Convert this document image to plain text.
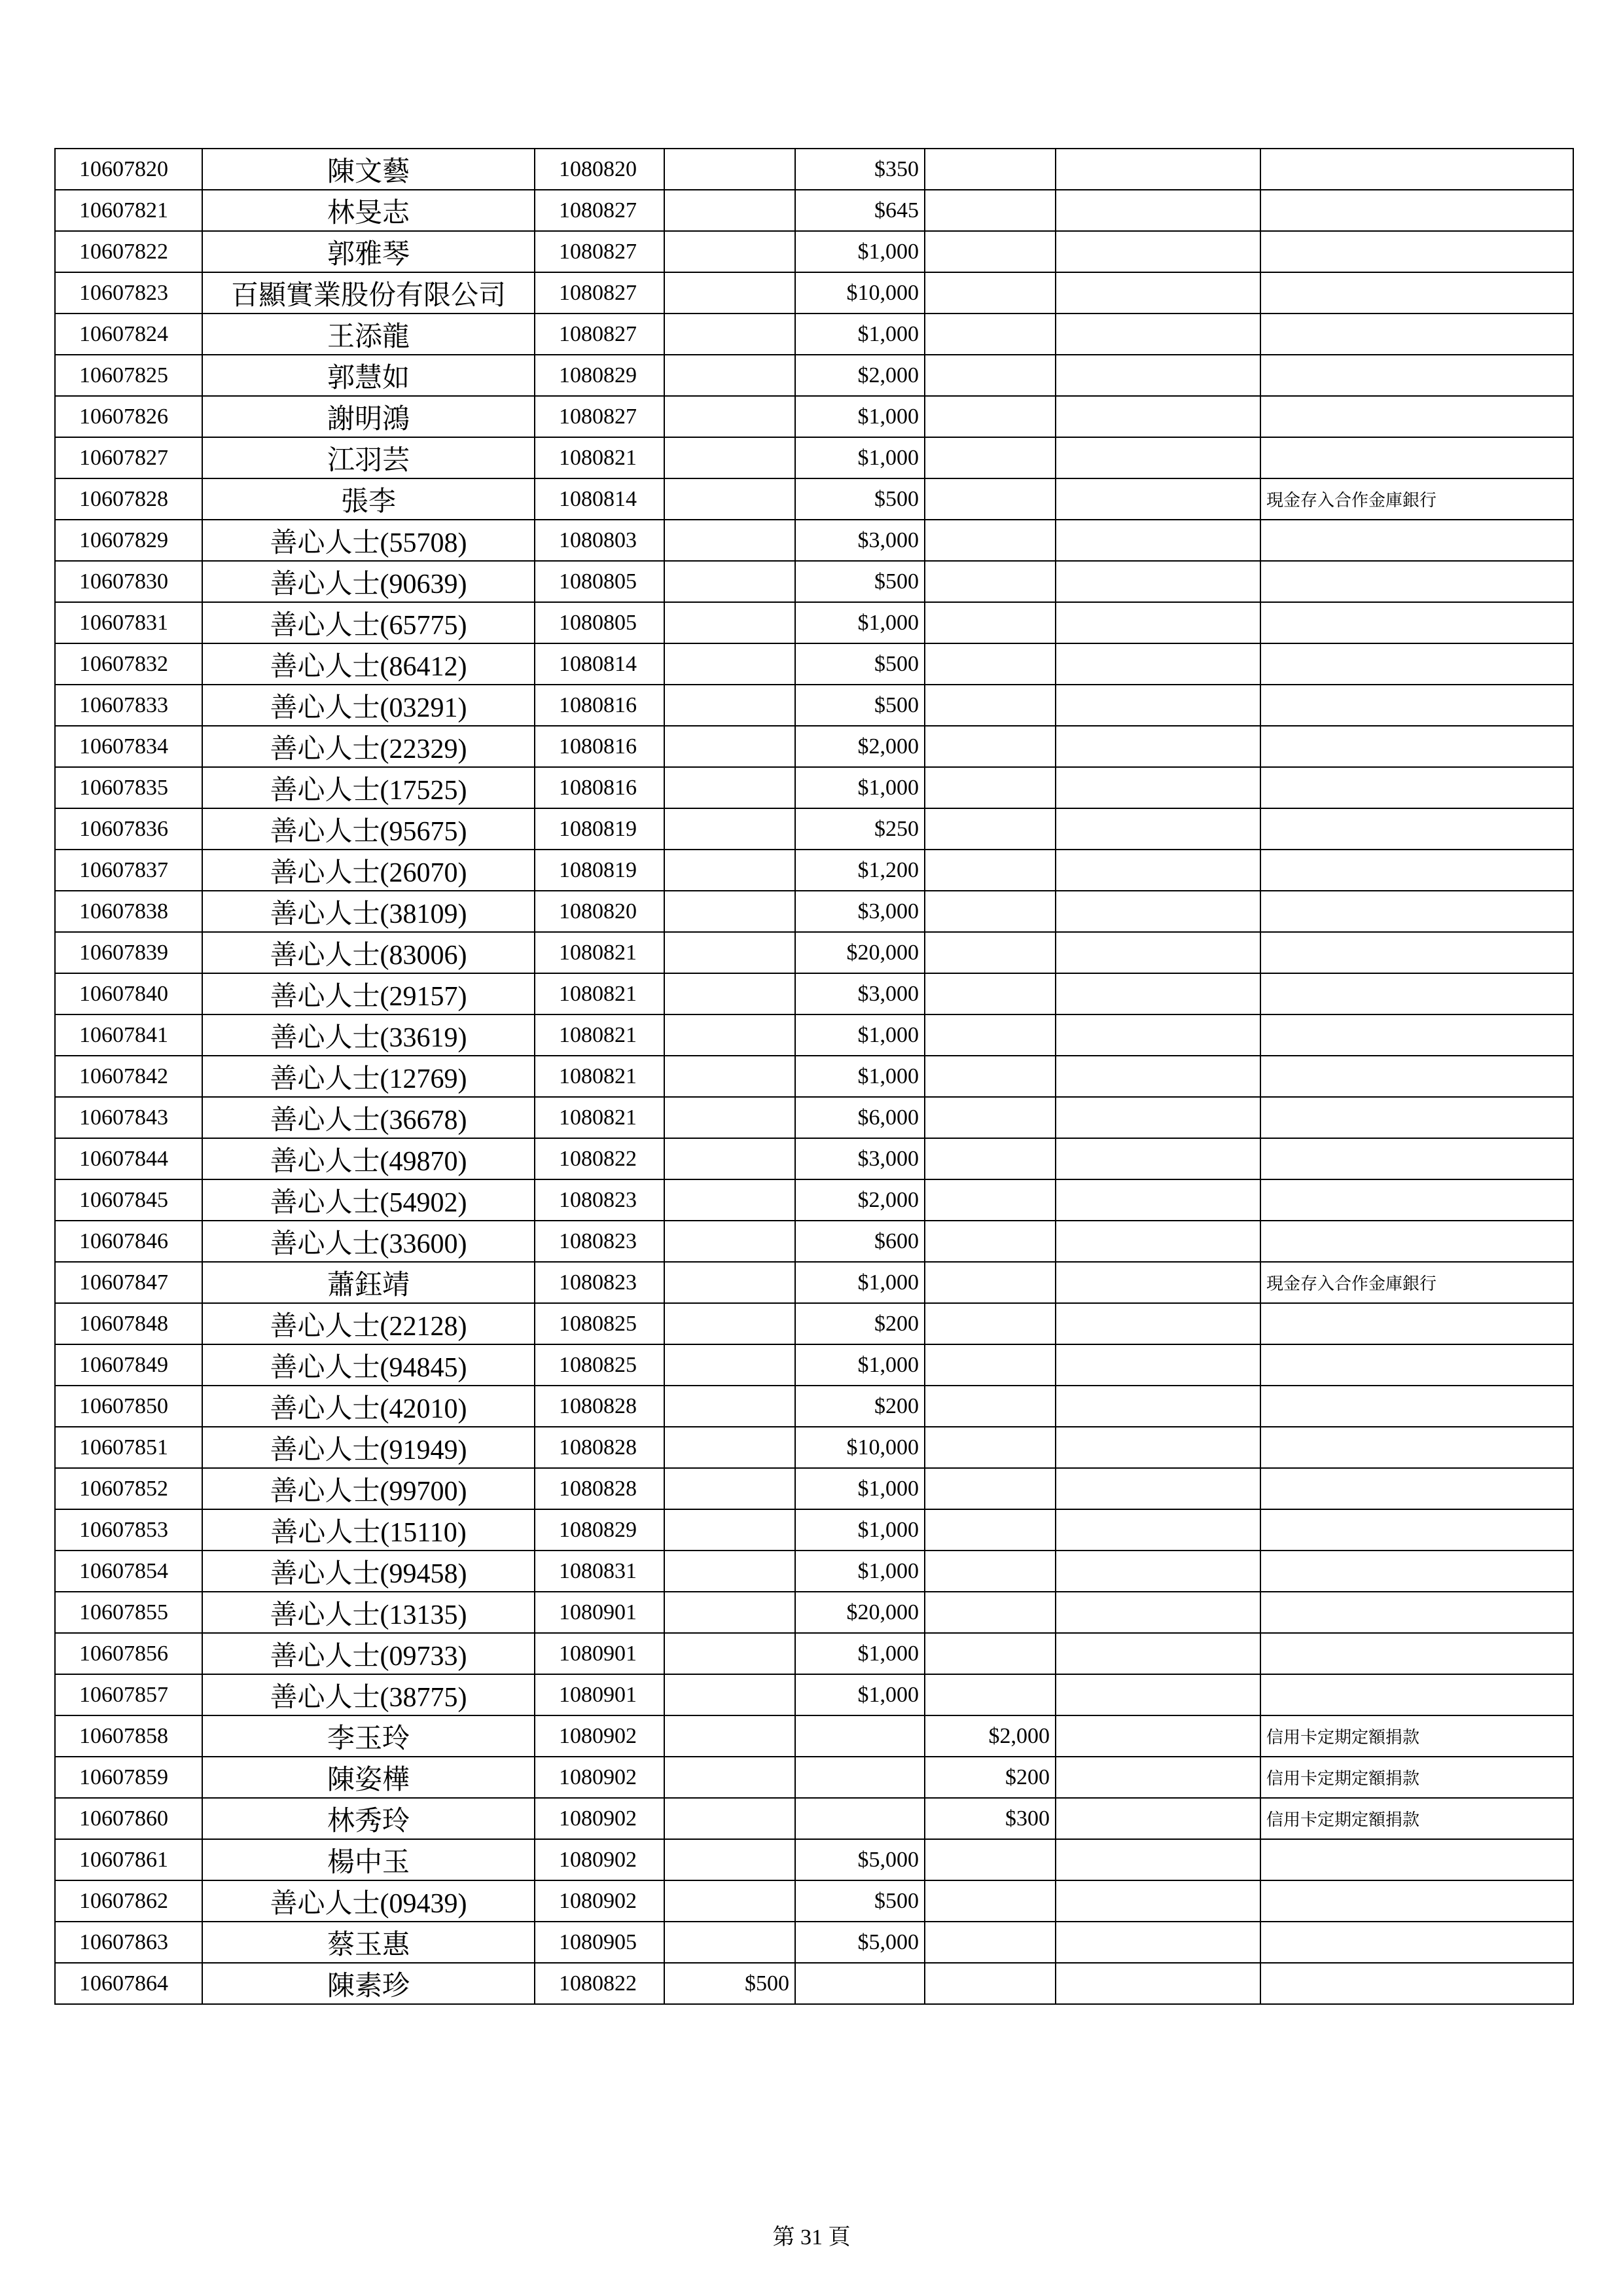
10607820	陳文藝	1080820		$350			
10607821	林旻志	1080827		$645			
10607822	郭雅琴	1080827		$1,000			
10607823	百顯實業股份有限公司	1080827		$10,000			
10607824	王添龍	1080827		$1,000			
10607825	郭慧如	1080829		$2,000			
10607826	謝明鴻	1080827		$1,000			
10607827	江羽芸	1080821		$1,000			
10607828	張李	1080814		$500			現金存入合作金庫銀行
10607829	善心人士(55708)	1080803		$3,000			
10607830	善心人士(90639)	1080805		$500			
10607831	善心人士(65775)	1080805		$1,000			
10607832	善心人士(86412)	1080814		$500			
10607833	善心人士(03291)	1080816		$500			
10607834	善心人士(22329)	1080816		$2,000			
10607835	善心人士(17525)	1080816		$1,000			
10607836	善心人士(95675)	1080819		$250			
10607837	善心人士(26070)	1080819		$1,200			
10607838	善心人士(38109)	1080820		$3,000			
10607839	善心人士(83006)	1080821		$20,000			
10607840	善心人士(29157)	1080821		$3,000			
10607841	善心人士(33619)	1080821		$1,000			
10607842	善心人士(12769)	1080821		$1,000			
10607843	善心人士(36678)	1080821		$6,000			
10607844	善心人士(49870)	1080822		$3,000			
10607845	善心人士(54902)	1080823		$2,000			
10607846	善心人士(33600)	1080823		$600			
10607847	蕭鈺靖	1080823		$1,000			現金存入合作金庫銀行
10607848	善心人士(22128)	1080825		$200			
10607849	善心人士(94845)	1080825		$1,000			
10607850	善心人士(42010)	1080828		$200			
10607851	善心人士(91949)	1080828		$10,000			
10607852	善心人士(99700)	1080828		$1,000			
10607853	善心人士(15110)	1080829		$1,000			
10607854	善心人士(99458)	1080831		$1,000			
10607855	善心人士(13135)	1080901		$20,000			
10607856	善心人士(09733)	1080901		$1,000			
10607857	善心人士(38775)	1080901		$1,000			
10607858	李玉玲	1080902			$2,000		信用卡定期定額捐款
10607859	陳姿樺	1080902			$200		信用卡定期定額捐款
10607860	林秀玲	1080902			$300		信用卡定期定額捐款
10607861	楊中玉	1080902		$5,000			
10607862	善心人士(09439)	1080902		$500			
10607863	蔡玉惠	1080905		$5,000			
10607864	陳素珍	1080822	$500				
第 31 頁
